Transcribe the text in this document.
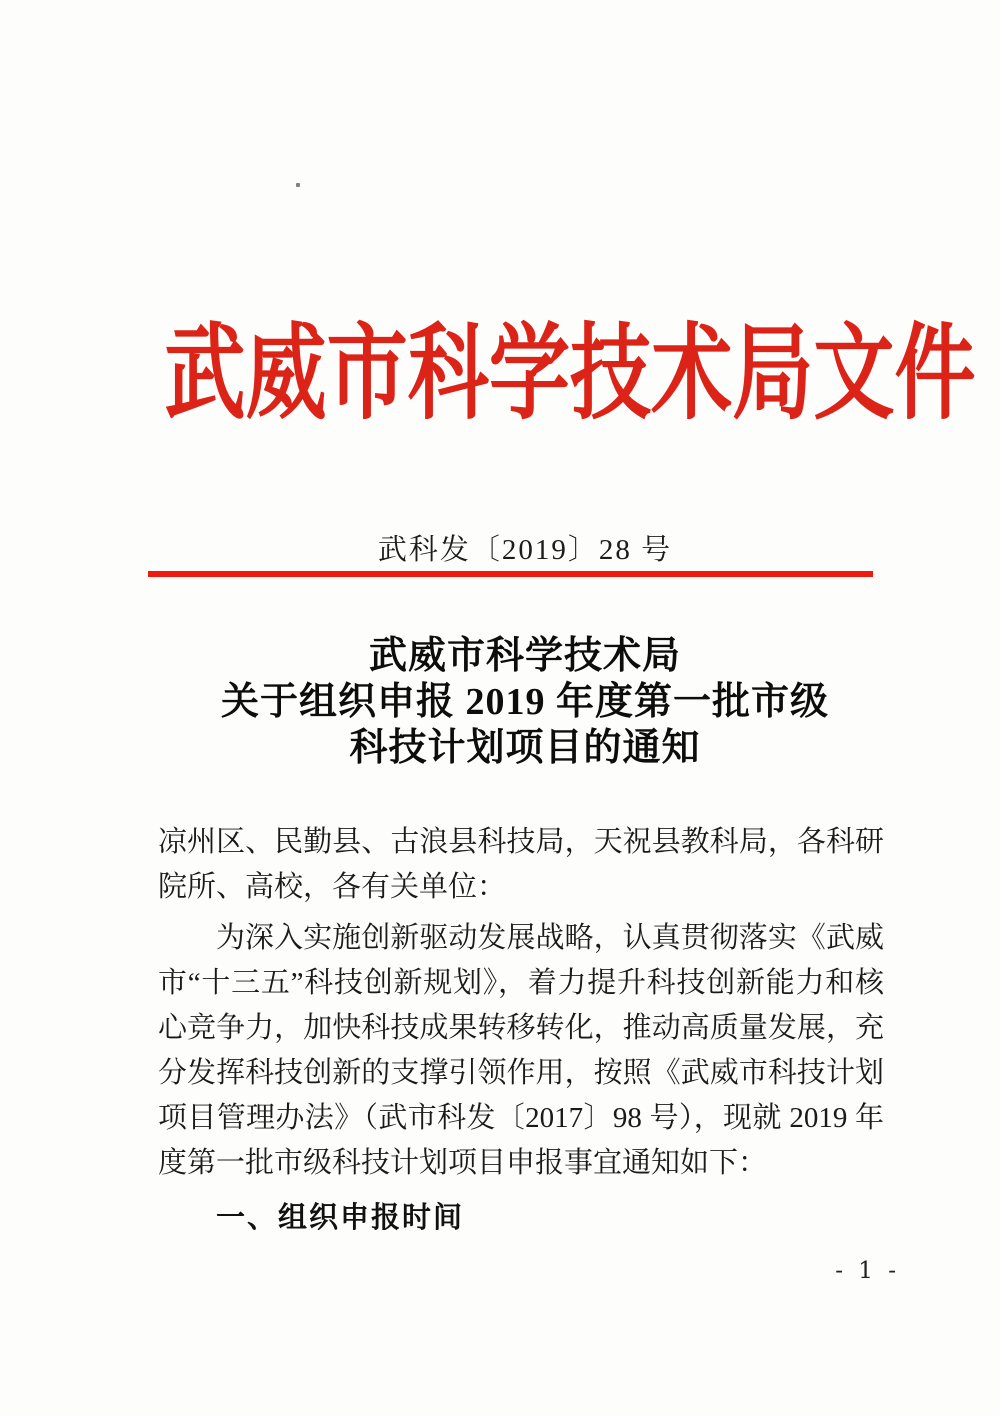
武威市科学技术局文件
武科发〔2019〕28 号
武威市科学技术局
关于组织申报 2019 年度第一批市级
科技计划项目的通知

凉州区、民勤县、古浪县科技局，天祝县教科局，各科研院所、高校，各有关单位：

为深入实施创新驱动发展战略，认真贯彻落实《武威市“十三五”科技创新规划》，着力提升科技创新能力和核心竞争力，加快科技成果转移转化，推动高质量发展，充分发挥科技创新的支撑引领作用，按照《武威市科技计划项目管理办法》（武市科发〔2017〕98 号），现就 2019 年度第一批市级科技计划项目申报事宜通知如下：

一、组织申报时间

- 1 -
